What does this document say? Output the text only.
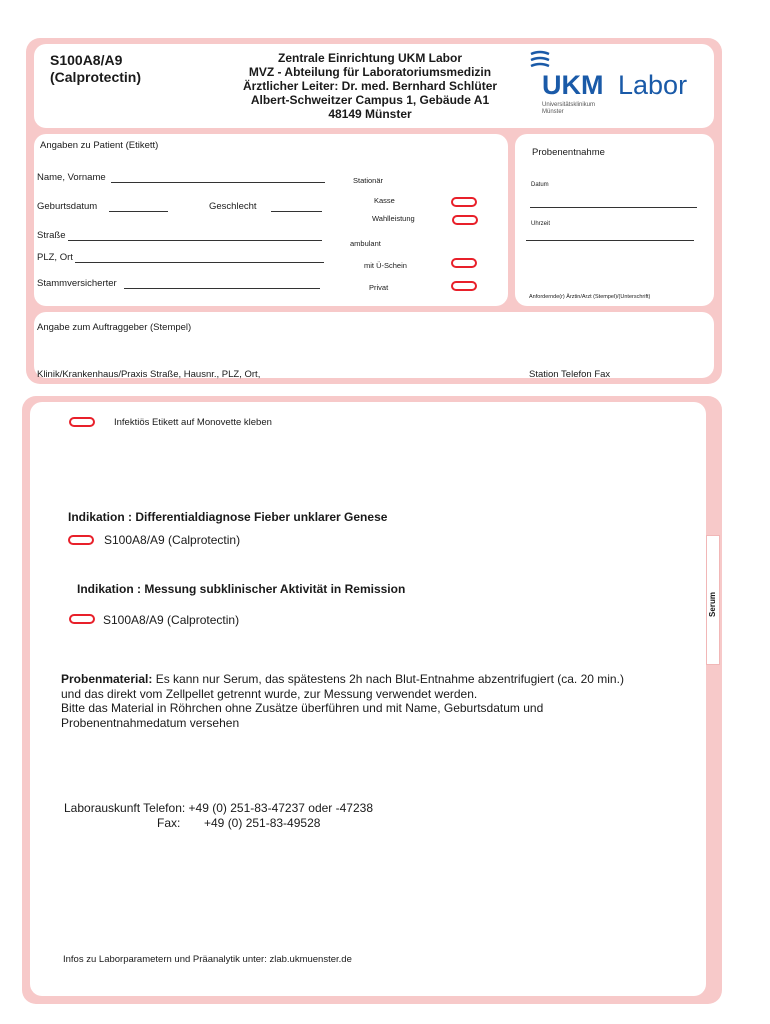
S100A8/A9
(Calprotectin)
Zentrale Einrichtung UKM Labor
MVZ - Abteilung für Laboratoriumsmedizin
Ärztlicher Leiter: Dr. med. Bernhard Schlüter
Albert-Schweitzer Campus 1, Gebäude A1
48149 Münster
UKM Labor
Universitätsklinikum
Münster
Angaben zu Patient (Etikett)
Name, Vorname
Geburtsdatum	Geschlecht
Straße
PLZ, Ort
Stammversicherter
Stationär
Kasse
Wahlleistung
ambulant
mit Ü-Schein
Privat
Probenentnahme
Datum
Uhrzeit
Anfordernde(r) Ärztin/Arzt (Stempel)/(Unterschrift)
Angabe zum Auftraggeber (Stempel)
Klinik/Krankenhaus/Praxis Straße, Hausnr., PLZ, Ort,	Station Telefon Fax
Serum
Infektiös Etikett auf Monovette kleben
Indikation : Differentialdiagnose Fieber unklarer Genese
S100A8/A9 (Calprotectin)
Indikation : Messung subklinischer Aktivität in Remission
S100A8/A9 (Calprotectin)
Probenmaterial: Es kann nur Serum, das spätestens 2h nach Blut-Entnahme abzentrifugiert (ca. 20 min.)
und das direkt vom Zellpellet getrennt wurde, zur Messung verwendet werden.
Bitte das Material in Röhrchen ohne Zusätze überführen und mit Name, Geburtsdatum und
Probenentnahmedatum versehen
Laborauskunft Telefon: +49 (0) 251-83-47237 oder -47238
Fax: +49 (0) 251-83-49528
Infos zu Laborparametern und Präanalytik unter: zlab.ukmuenster.de
